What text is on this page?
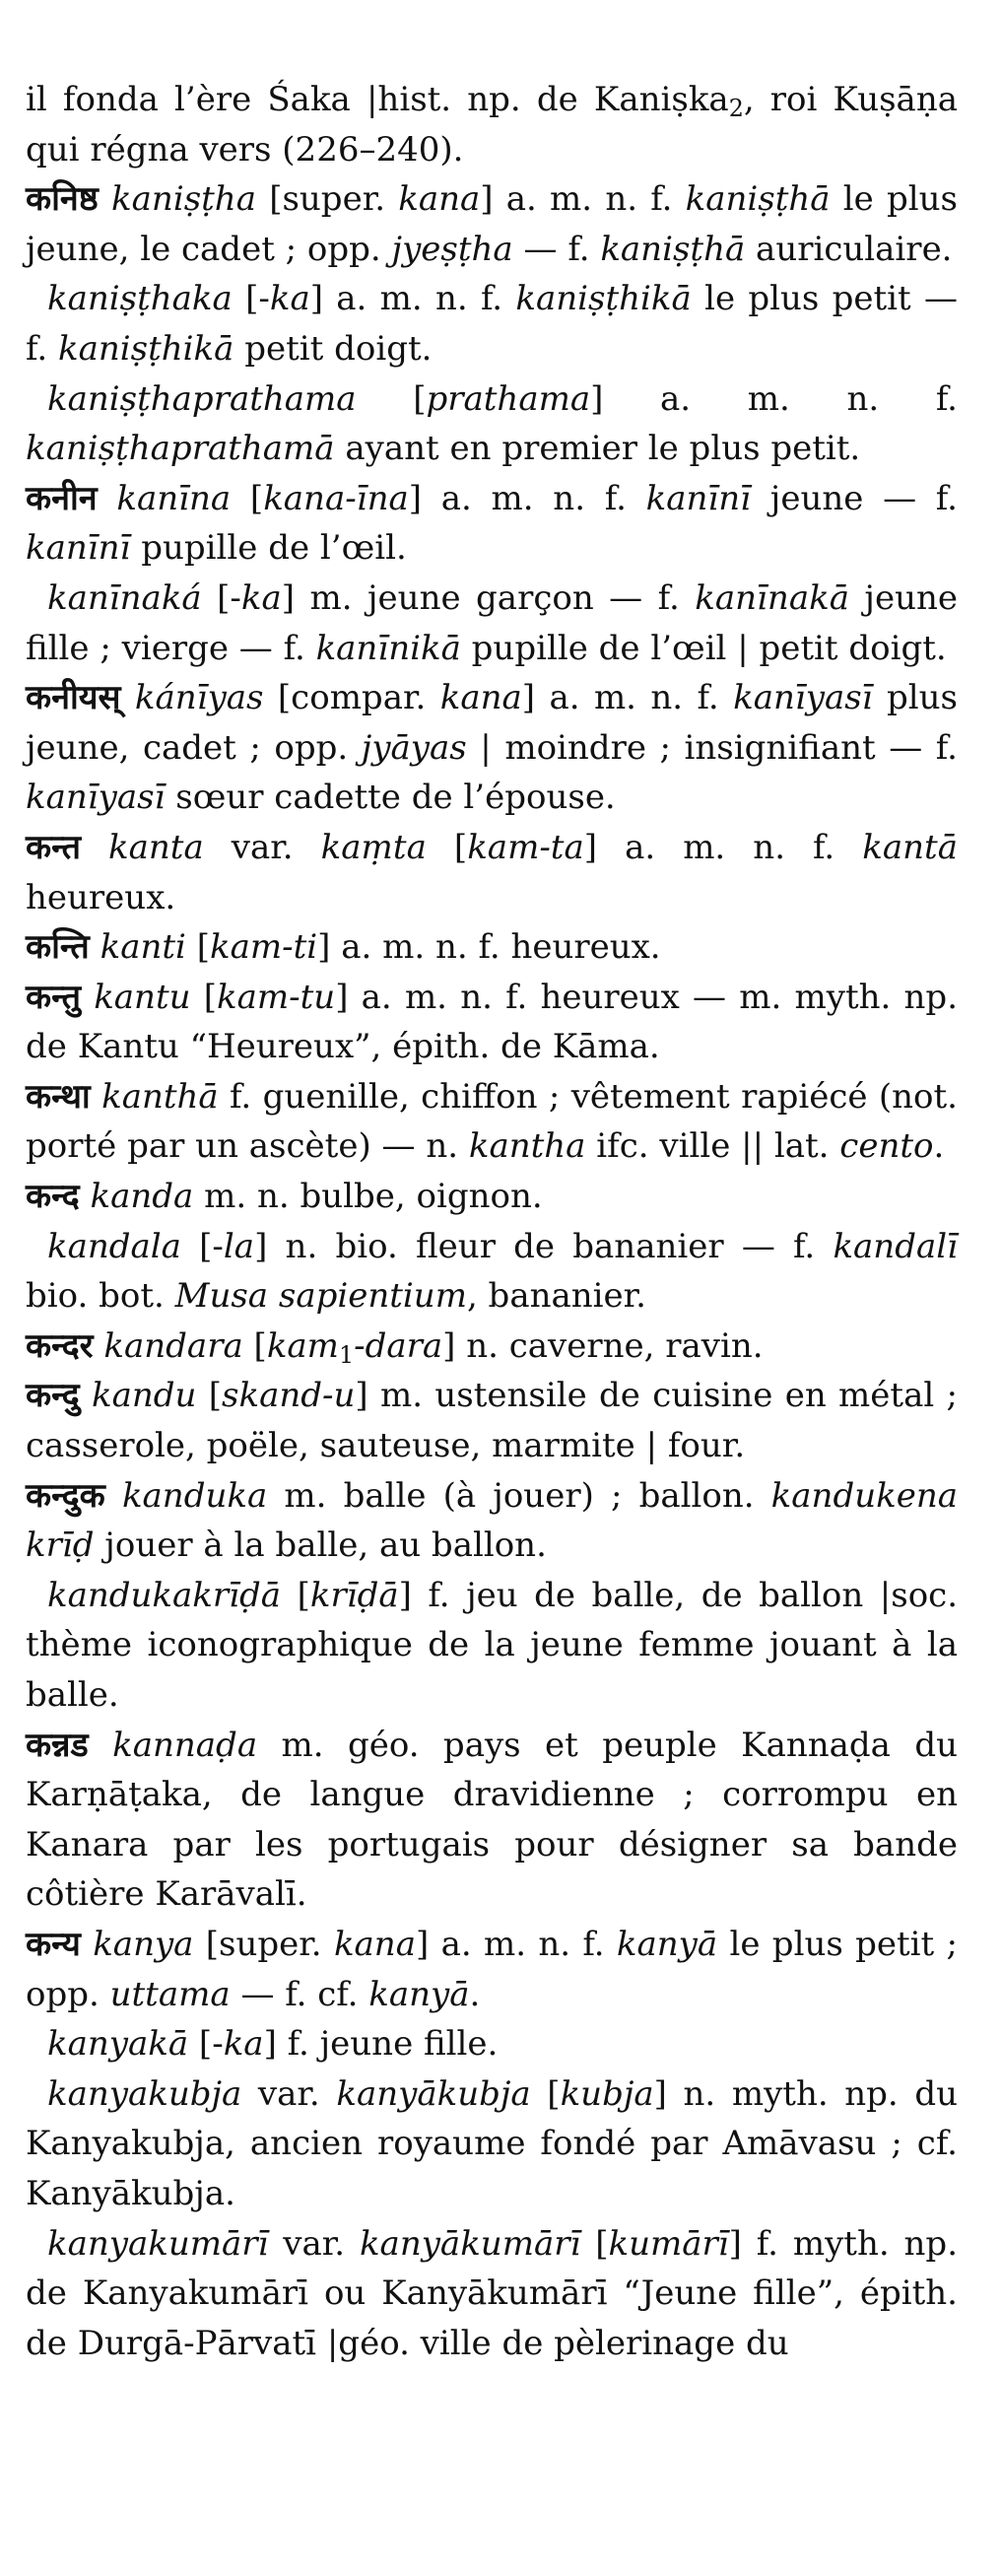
il fonda l’ère Śaka |hist. np. de Kaniṣka$_2$, roi Kuṣāṇa qui régna vers (226–240).

कनिष्ठ kaniṣṭha [super. kana] a. m. n. f. kaniṣṭhā le plus jeune, le cadet ; opp. jyeṣṭha — f. kaniṣṭhā auriculaire.

kaniṣṭhaka [-ka] a. m. n. f. kaniṣṭhikā le plus petit — f. kaniṣṭhikā petit doigt.

kaniṣṭhaprathama [prathama] a. m. n. f. kaniṣṭhaprathamā ayant en premier le plus petit.

कनीन kanīna [kana-īna] a. m. n. f. kanīnī jeune — f. kanīnī pupille de l’œil.

kanīnaká [-ka] m. jeune garçon — f. kanīnakā jeune fille ; vierge — f. kanīnikā pupille de l’œil | petit doigt.

कनीयस् kánīyas [compar. kana] a. m. n. f. kanīyasī plus jeune, cadet ; opp. jyāyas | moindre ; insignifiant — f. kanīyasī sœur cadette de l’épouse.

कन्त kanta var. kaṃta [kam-ta] a. m. n. f. kantā heureux.

कन्ति kanti [kam-ti] a. m. n. f. heureux.

कन्तु kantu [kam-tu] a. m. n. f. heureux — m. myth. np. de Kantu “Heureux”, épith. de Kāma.

कन्था kanthā f. guenille, chiffon ; vêtement rapiécé (not. porté par un ascète) — n. kantha ifc. ville || lat. cento.

कन्द kanda m. n. bulbe, oignon.

kandala [-la] n. bio. fleur de bananier — f. kandalī bio. bot. Musa sapientium, bananier.

कन्दर kandara [kam$_1$-dara] n. caverne, ravin.

कन्दु kandu [skand-u] m. ustensile de cuisine en métal ; casserole, poële, sauteuse, marmite | four.

कन्दुक kanduka m. balle (à jouer) ; ballon. kandukena krīḍ jouer à la balle, au ballon.

kandukakrīḍā [krīḍā] f. jeu de balle, de ballon |soc. thème iconographique de la jeune femme jouant à la balle.

कन्नड kannaḍa m. géo. pays et peuple Kannaḍa du Karṇāṭaka, de langue dravidienne ; corrompu en Kanara par les portugais pour désigner sa bande côtière Karāvalī.

कन्य kanya [super. kana] a. m. n. f. kanyā le plus petit ; opp. uttama — f. cf. kanyā.

kanyakā [-ka] f. jeune fille.

kanyakubja var. kanyākubja [kubja] n. myth. np. du Kanyakubja, ancien royaume fondé par Amāvasu ; cf. Kanyākubja.

kanyakumārī var. kanyākumārī [kumārī] f. myth. np. de Kanyakumārī ou Kanyākumārī “Jeune fille”, épith. de Durgā-Pārvatī |géo. ville de pèlerinage du
